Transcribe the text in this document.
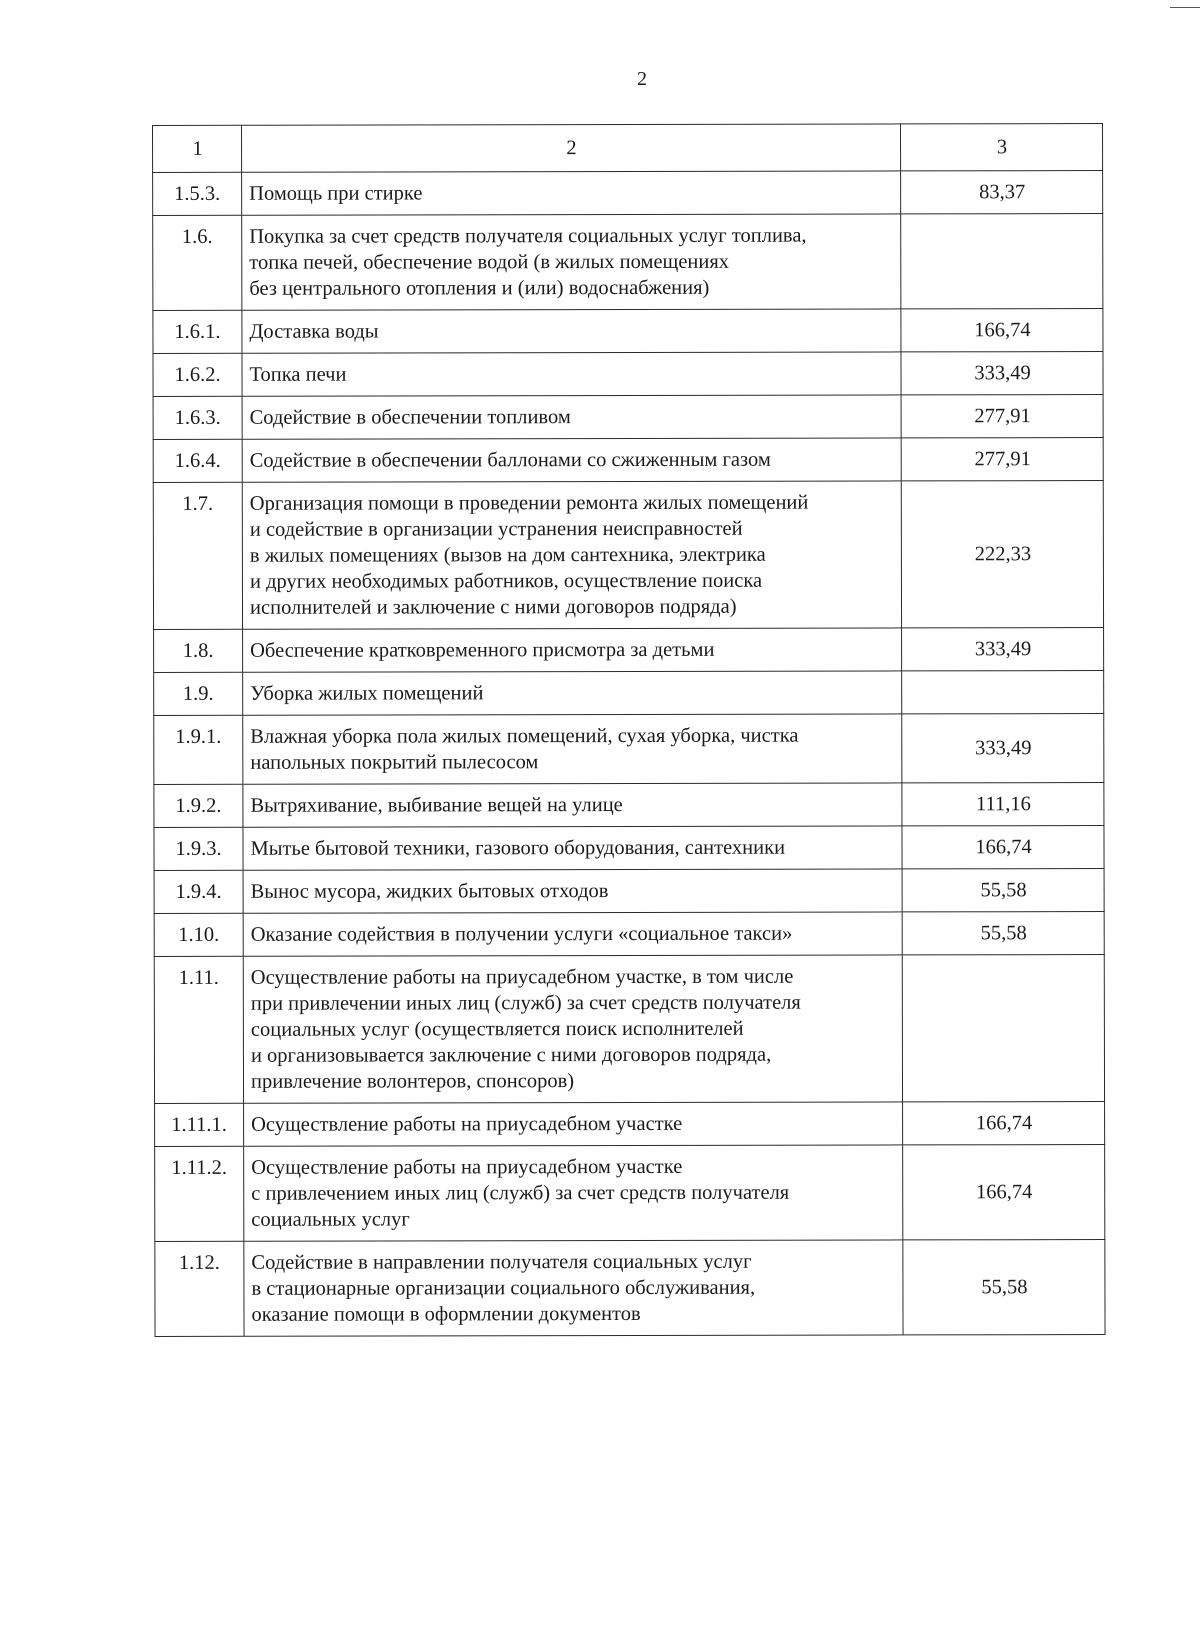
2
1	2	3
1.5.3.	Помощь при стирке	83,37
1.6.	Покупка за счет средств получателя социальных услуг топлива,
топка печей, обеспечение водой (в жилых помещениях
без центрального отопления и (или) водоснабжения)	
1.6.1.	Доставка воды	166,74
1.6.2.	Топка печи	333,49
1.6.3.	Содействие в обеспечении топливом	277,91
1.6.4.	Содействие в обеспечении баллонами со сжиженным газом	277,91
1.7.	Организация помощи в проведении ремонта жилых помещений
и содействие в организации устранения неисправностей
в жилых помещениях (вызов на дом сантехника, электрика
и других необходимых работников, осуществление поиска
исполнителей и заключение с ними договоров подряда)	222,33
1.8.	Обеспечение кратковременного присмотра за детьми	333,49
1.9.	Уборка жилых помещений	
1.9.1.	Влажная уборка пола жилых помещений, сухая уборка, чистка
напольных покрытий пылесосом	333,49
1.9.2.	Вытряхивание, выбивание вещей на улице	111,16
1.9.3.	Мытье бытовой техники, газового оборудования, сантехники	166,74
1.9.4.	Вынос мусора, жидких бытовых отходов	55,58
1.10.	Оказание содействия в получении услуги «социальное такси»	55,58
1.11.	Осуществление работы на приусадебном участке, в том числе
при привлечении иных лиц (служб) за счет средств получателя
социальных услуг (осуществляется поиск исполнителей
и организовывается заключение с ними договоров подряда,
привлечение волонтеров, спонсоров)	
1.11.1.	Осуществление работы на приусадебном участке	166,74
1.11.2.	Осуществление работы на приусадебном участке
с привлечением иных лиц (служб) за счет средств получателя
социальных услуг	166,74
1.12.	Содействие в направлении получателя социальных услуг
в стационарные организации социального обслуживания,
оказание помощи в оформлении документов	55,58
